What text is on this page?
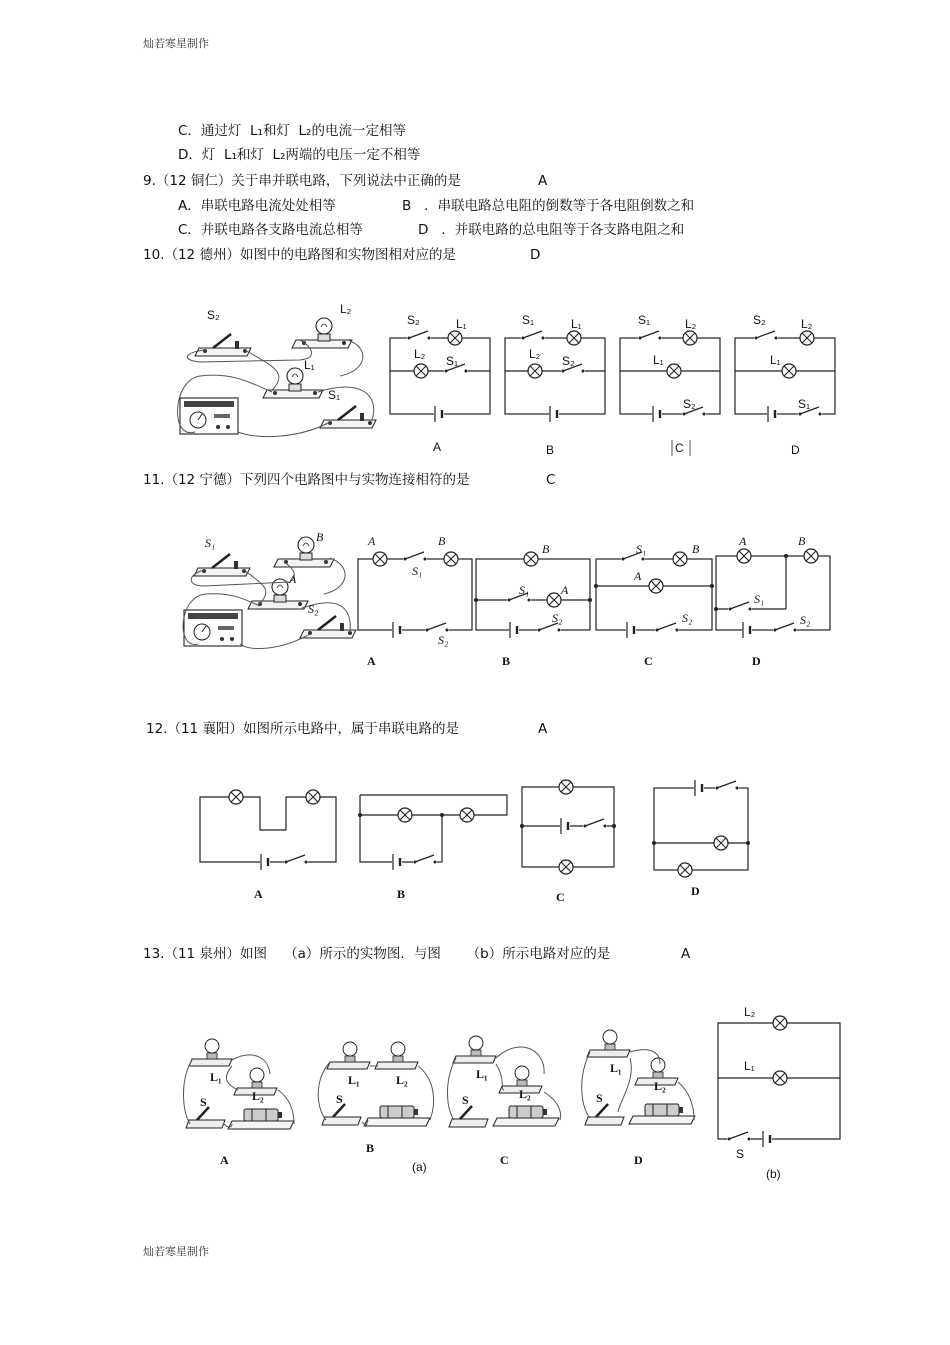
灿若寒星制作
C．通过灯  L₁和灯  L₂的电流一定相等
D．灯  L₁和灯  L₂两端的电压一定不相等
9.（12 铜仁）关于串并联电路，下列说法中正确的是	A
A．串联电路电流处处相等	B   ．串联电路总电阻的倒数等于各电阻倒数之和
C．并联电路各支路电流总相等	D   ．并联电路的总电阻等于各支路电阻之和
10.（12 德州）如图中的电路图和实物图相对应的是	D
11.（12 宁德）下列四个电路图中与实物连接相符的是	C
12.（11 襄阳）如图所示电路中，属于串联电路的是	A
13.（11 泉州）如图    （a）所示的实物图．与图      （b）所示电路对应的是	A
灿若寒星制作
S₂	L₂
L₁
S₁
S₂	L₁
L₂ S₁
A
S₁	L₁
L₂ S₂
B
S₁	L₂
L₁
S₂
C
S₂	L₂
L₁
S₁
D
S₁	B
A
S₂
A
S₁
B
S₂
A
B
S₁	A
S₂
B
S₁	B
A
S₂
C
A	B
S₁
S₂
D
A	B	C	D
L₁
L₂
S
A
L₁	L₂
S
B
(a)
L₁
L₂
S
C
L₁
L₂
S
D
L₂
L₁
S
(b)
